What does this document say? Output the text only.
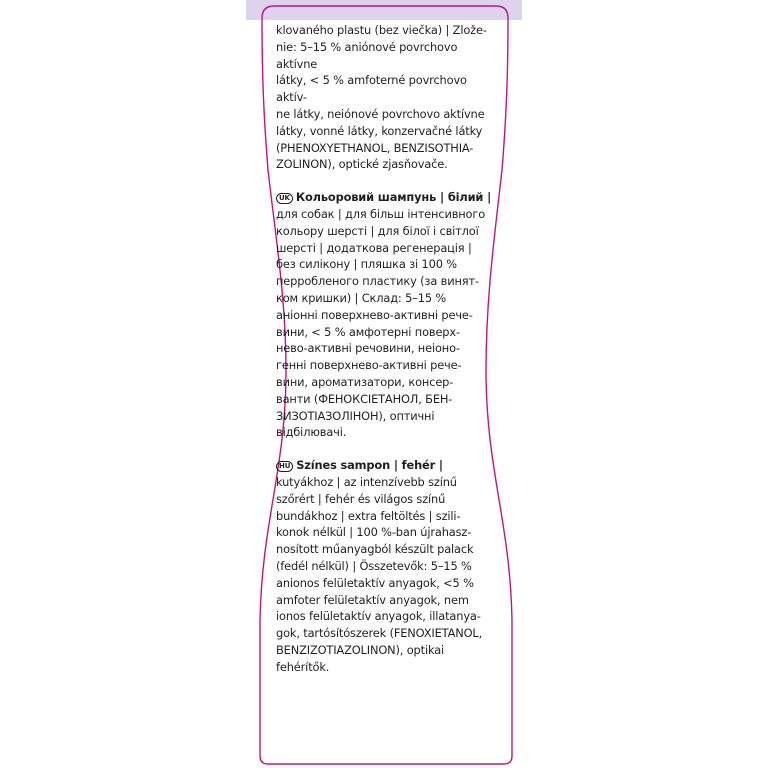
klovaného plastu (bez viečka) | Zlože-
nie: 5–15 % aniónové povrchovo aktívne
látky, < 5 % amfoterné povrchovo aktív-
ne látky, neiónové povrchovo aktívne
látky, vonné látky, konzervačné látky
(PHENOXYETHANOL, BENZISOTHIA-
ZOLINON), optické zjasňovače.

UK Кольоровий шампунь | білий |

для собак | для більш інтенсивного
кольору шерсті | для білої і світлої
шерсті | додаткова регенерація |
без силікону | пляшка зі 100 %
перробленого пластику (за винят-
ком кришки) | Склад: 5–15 %
аніонні поверхнево-активні рече-
вини, < 5 % амфотерні поверх-
нево-активні речовини, неіоно-
генні поверхнево-активні рече-
вини, ароматизатори, консер-
ванти (ФЕНОКСІЕТАНОЛ, БЕН-
ЗИЗОТІАЗОЛІНОН), оптичні
відбілювачі.

HU Színes sampon | fehér |

kutyákhoz | az intenzívebb színű
szőrért | fehér és világos színű
bundákhoz | extra feltöltés | szili-
konok nélkül | 100 %-ban újrahasz-
nosított műanyagból készült palack
(fedél nélkül) | Összetevők: 5–15 %
anionos felületaktív anyagok, <5 %
amfoter felületaktív anyagok, nem
ionos felületaktív anyagok, illatanya-
gok, tartósítószerek (FENOXIETANOL,
BENZIZOTIAZOLINON), optikai
fehérítők.
